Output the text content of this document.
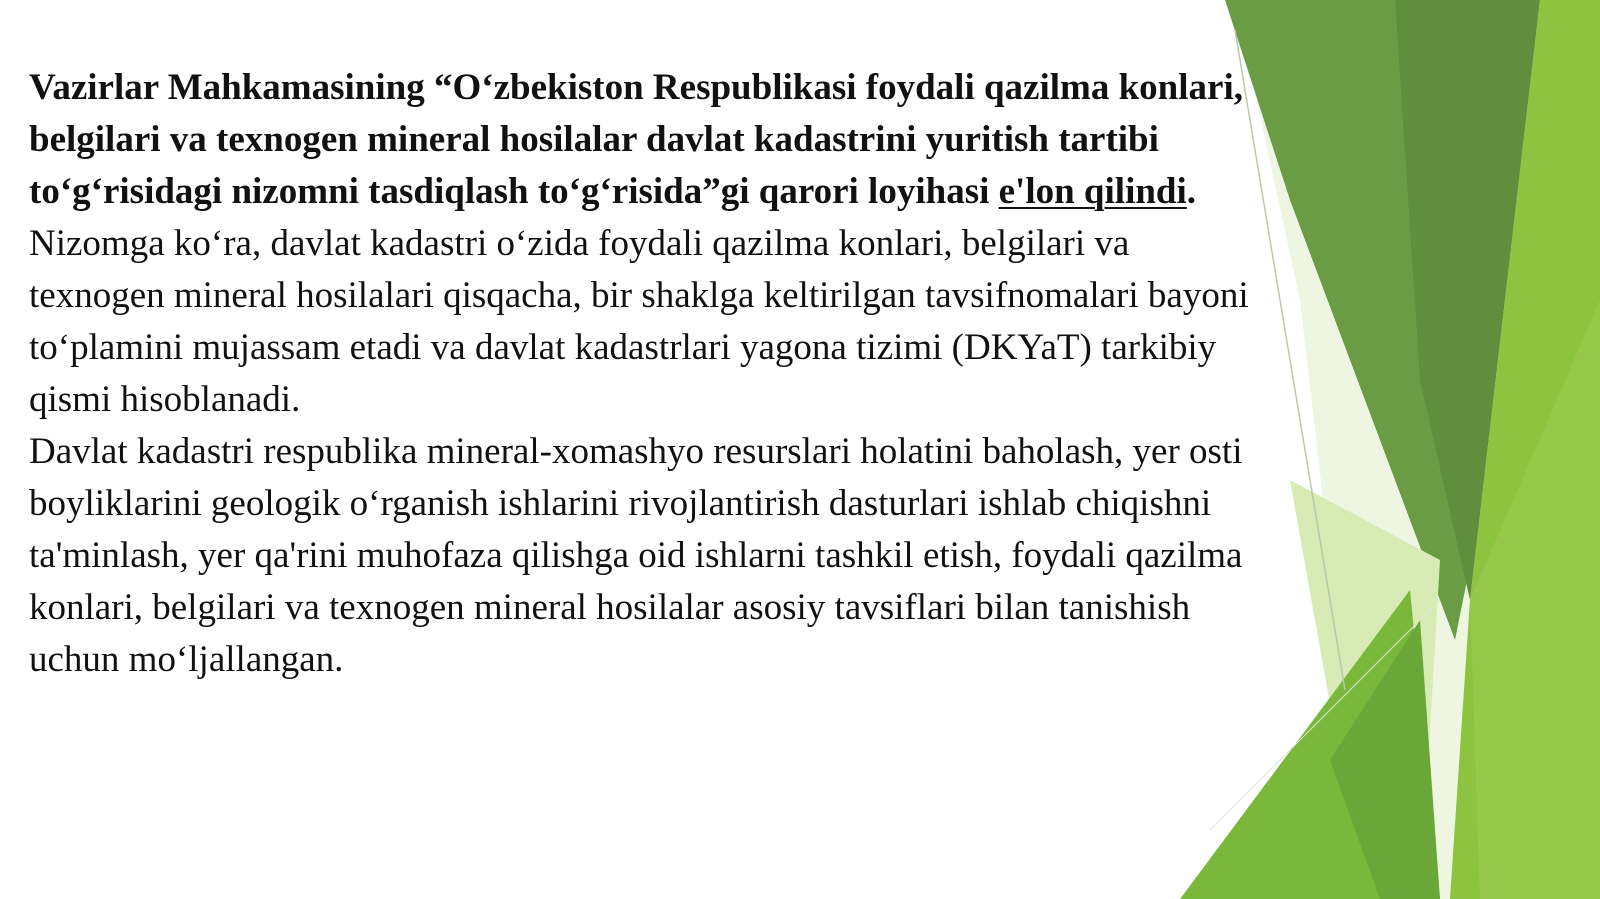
Vazirlar Mahkamasining “O‘zbekiston Respublikasi foydali qazilma konlari, belgilari va texnogen mineral hosilalar davlat kadastrini yuritish tartibi to‘g‘risidagi nizomni tasdiqlash to‘g‘risida”gi qarori loyihasi e'lon qilindi.

Nizomga ko‘ra, davlat kadastri o‘zida foydali qazilma konlari, belgilari va texnogen mineral hosilalari qisqacha, bir shaklga keltirilgan tavsifnomalari bayoni to‘plamini mujassam etadi va davlat kadastrlari yagona tizimi (DKYaT) tarkibiy qismi hisoblanadi.

Davlat kadastri respublika mineral-xomashyo resurslari holatini baholash, yer osti boyliklarini geologik o‘rganish ishlarini rivojlantirish dasturlari ishlab chiqishni ta'minlash, yer qa'rini muhofaza qilishga oid ishlarni tashkil etish, foydali qazilma konlari, belgilari va texnogen mineral hosilalar asosiy tavsiflari bilan tanishish uchun mo‘ljallangan.
